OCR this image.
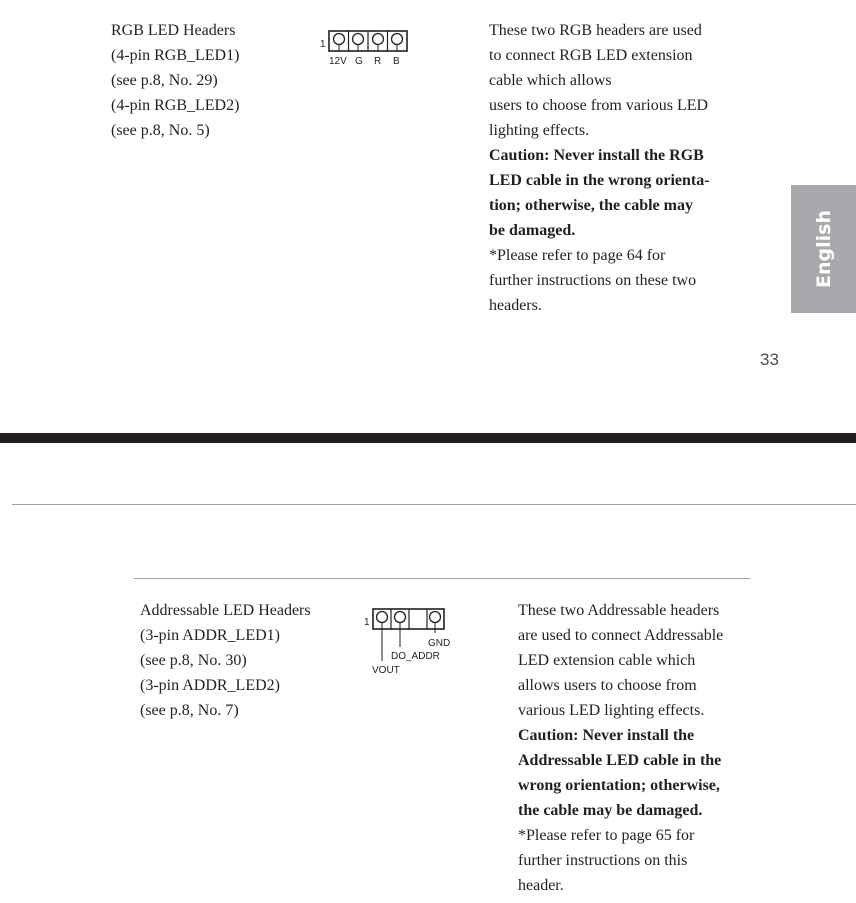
RGB LED Headers
(4-pin RGB_LED1)
(see p.8, No. 29)
(4-pin RGB_LED2)
(see p.8, No. 5)
1
12V G R B
These two RGB headers are used
to connect RGB LED extension
cable which allows
users to choose from various LED
lighting effects.
Caution: Never install the RGB
LED cable in the wrong orienta-
tion; otherwise, the cable may
be damaged.
*Please refer to page 64 for
further instructions on these two
headers.
English
33
Addressable LED Headers
(3-pin ADDR_LED1)
(see p.8, No. 30)
(3-pin ADDR_LED2)
(see p.8, No. 7)
1
GND
DO_ADDR
VOUT
These two Addressable headers
are used to connect Addressable
LED extension cable which
allows users to choose from
various LED lighting effects.
Caution: Never install the
Addressable LED cable in the
wrong orientation; otherwise,
the cable may be damaged.
*Please refer to page 65 for
further instructions on this
header.
